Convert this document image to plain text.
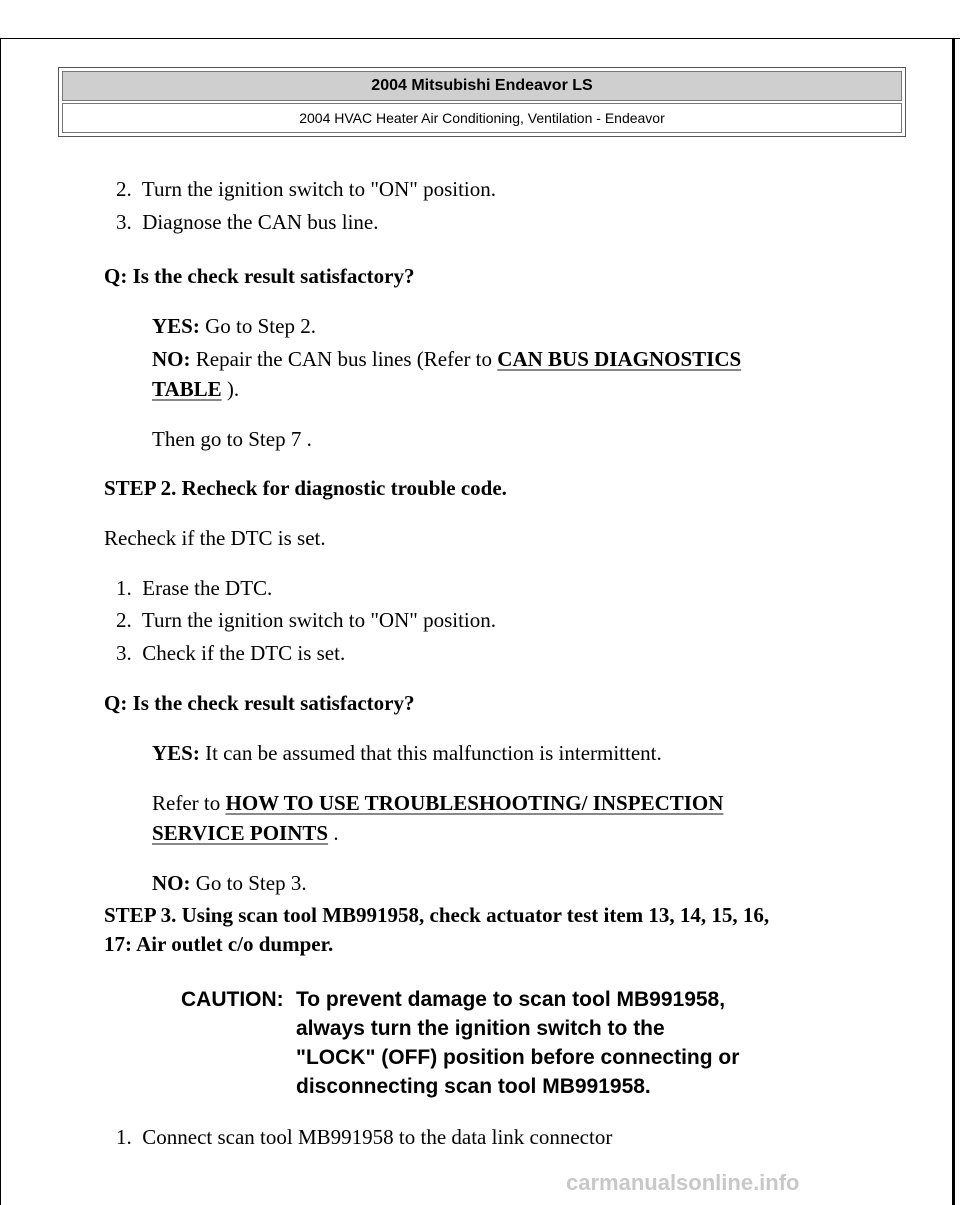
2004 Mitsubishi Endeavor LS
2004 HVAC Heater Air Conditioning, Ventilation - Endeavor
2. Turn the ignition switch to "ON" position.
3. Diagnose the CAN bus line.
Q: Is the check result satisfactory?
YES: Go to Step 2.
NO: Repair the CAN bus lines (Refer to CAN BUS DIAGNOSTICS
TABLE ).
Then go to Step 7 .
STEP 2. Recheck for diagnostic trouble code.
Recheck if the DTC is set.
1. Erase the DTC.
2. Turn the ignition switch to "ON" position.
3. Check if the DTC is set.
Q: Is the check result satisfactory?
YES: It can be assumed that this malfunction is intermittent.
Refer to HOW TO USE TROUBLESHOOTING/ INSPECTION
SERVICE POINTS .
NO: Go to Step 3.
STEP 3. Using scan tool MB991958, check actuator test item 13, 14, 15, 16,
17: Air outlet c/o dumper.
CAUTION: To prevent damage to scan tool MB991958,
always turn the ignition switch to the
"LOCK" (OFF) position before connecting or
disconnecting scan tool MB991958.
1. Connect scan tool MB991958 to the data link connector
carmanualsonline.info
